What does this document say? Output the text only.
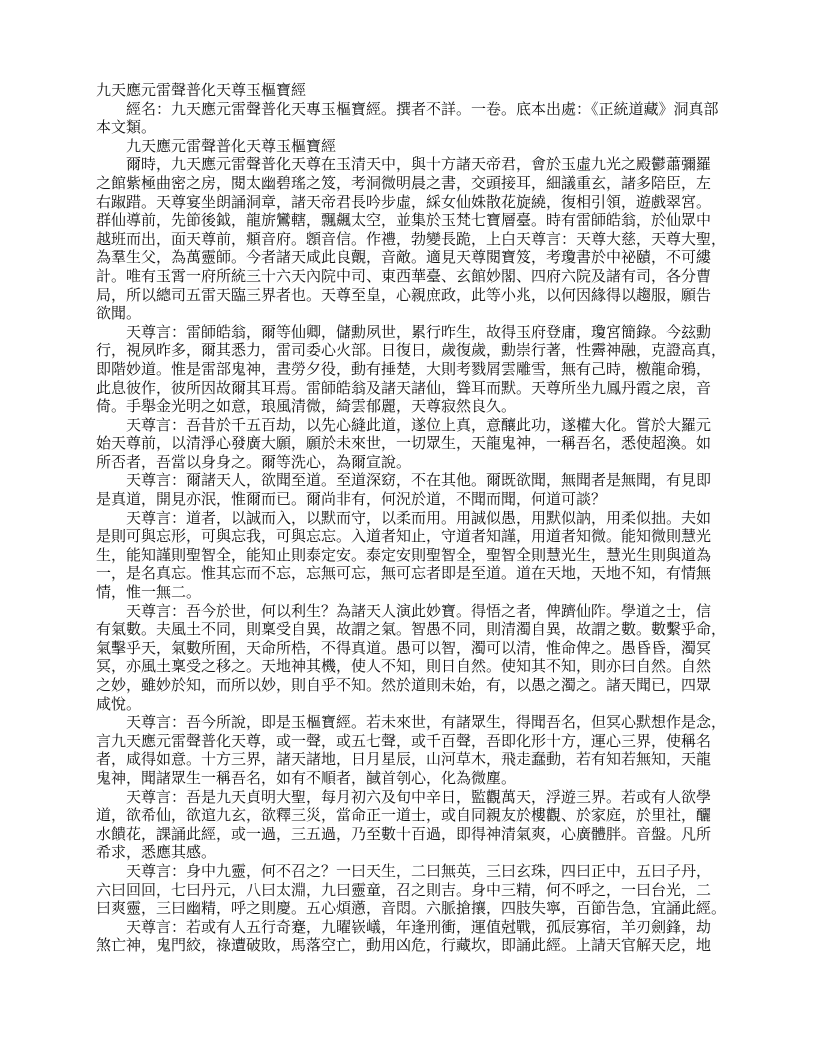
九天應元雷聲普化天尊玉樞寶經
　　經名：九天應元雷聲普化天專玉樞寶經。撰者不詳。一卷。底本出處：《正統道藏》洞真部
本文類。
　　九天應元雷聲普化天尊玉樞寶經
　　爾時，九天應元雷聲普化天尊在玉清天中，與十方諸天帝君，會於玉虛九光之殿鬱蕭彌羅
之館紫極曲密之房，閱太幽碧瑤之笈，考洞微明晨之書，交頭接耳，細議重玄，諸多陪臣，左
右踧踖。天尊宴坐朗誦洞章，諸天帝君長吟步虛，綵女仙姝散花旋繞，復相引領，遊戲翠宮。
群仙導前，先節後鉞，龍旂鸞轄，飄飆太空，並集於玉梵七寶層臺。時有雷師皓翁，於仙眾中
越班而出，面天尊前，頫音府。顖音信。作禮，勃變長跪，上白天尊言：天尊大慈，天尊大聖，
為羣生父，為萬靈師。今者諸天咸此良覿，音敵。適見天尊閱寶笈，考瓊書於中祕賾，不可縷
計。唯有玉霄一府所統三十六天內院中司、東西華臺、玄館妙閣、四府六院及諸有司，各分曹
局，所以總司五雷天臨三界者也。天尊至皇，心親庶政，此等小兆，以何因緣得以趨服，願告
欲聞。
　　天尊言：雷師皓翁，爾等仙卿，儲勳夙世，累行昨生，故得玉府登庸，瓊宮簡錄。今玆勳
行，視夙昨多，爾其悉力，雷司委心火部。日復日，歲復歲，勳崇行著，性霽神融，克證高真，
即階妙道。惟是雷部鬼神，晝勞夕役，動有捶楚，大則考戮屑雲雕雪，無有己時，檄龍命鴉，
此息彼作，彼所因故爾其耳焉。雷師皓翁及諸天諸仙，聳耳而默。天尊所坐九鳳丹霞之扆，音
倚。手舉金光明之如意，琅風清微，綺雲郁麗，天尊寂然良久。
　　天尊言：吾昔於千五百劫，以先心縫此道，遂位上真，意釀此功，遂權大化。嘗於大羅元
始天尊前，以清淨心發廣大願，願於未來世，一切眾生，天龍鬼神，一稱吾名，悉使超渙。如
所否者，吾當以身身之。爾等洗心，為爾宣說。
　　天尊言：爾諸天人，欲聞至道。至道深窈，不在其他。爾既欲聞，無聞者是無聞，有見即
是真道，開見亦泯，惟爾而已。爾尚非有，何況於道，不聞而聞，何道可談？
　　天尊言：道者，以誠而入，以默而守，以柔而用。用誠似愚，用默似訥，用柔似拙。夫如
是則可與忘形，可與忘我，可與忘忘。入道者知止，守道者知謹，用道者知微。能知微則慧光
生，能知謹則聖智全，能知止則泰定安。泰定安則聖智全，聖智全則慧光生，慧光生則與道為
一，是名真忘。惟其忘而不忘，忘無可忘，無可忘者即是至道。道在天地，天地不知，有情無
情，惟一無二。
　　天尊言：吾今於世，何以利生？為諸天人演此妙寶。得悟之者，俾躋仙阼。學道之士，信
有氣數。夫風土不同，則稟受自異，故謂之氣。智愚不同，則清濁自異，故謂之數。數繫乎命，
氣擊乎天，氣數所囿，天命所梏，不得真道。愚可以智，濁可以清，惟命俾之。愚昏昏，濁冥
冥，亦風土稟受之移之。天地神其機，使人不知，則日自然。使知其不知，則亦曰自然。自然
之妙，雖妙於知，而所以妙，則自乎不知。然於道則未始，有，以愚之濁之。諸天聞已，四眾
咸悅。
　　天尊言：吾今所說，即是玉樞寶經。若未來世，有諸眾生，得聞吾名，但冥心默想作是念，
言九天應元雷聲普化天尊，或一聲，或五七聲，或千百聲，吾即化形十方，運心三界，使稱名
者，咸得如意。十方三界，諸天諸地，日月星辰，山河草木，飛走蠢動，若有知若無知，天龍
鬼神，聞諸眾生一稱吾名，如有不順者，馘首刳心，化為微塵。
　　天尊言：吾是九天貞明大聖，每月初六及旬中辛日，監觀萬天，浮遊三界。若或有人欲學
道，欲希仙，欲逭九玄，欲釋三災，當命正一道士，或自同親友於樓觀、於家庭，於里社，釃
水饋花，課誦此經，或一過，三五過，乃至數十百過，即得神清氣爽，心廣體胖。音盤。凡所
希求，悉應其感。
　　天尊言：身中九靈，何不召之？一曰天生，二曰無英，三曰玄珠，四曰正中，五曰子丹，
六曰回回，七曰丹元，八曰太淵，九曰靈童，召之則吉。身中三精，何不呼之，一曰台光，二
曰爽靈，三曰幽精，呼之則慶。五心煩懣，音悶。六脈搶攘，四肢失寧，百節告急，宜誦此經。
　　天尊言：若或有人五行奇蹇，九曜嵚嶬，年逢刑衝，運值尅戰，孤辰寡宿，羊刃劍鋒，劫
煞亡神，鬼門絞，祿遭破敗，馬落空亡，動用凶危，行藏坎，即誦此經。上請天官解天戹，地
